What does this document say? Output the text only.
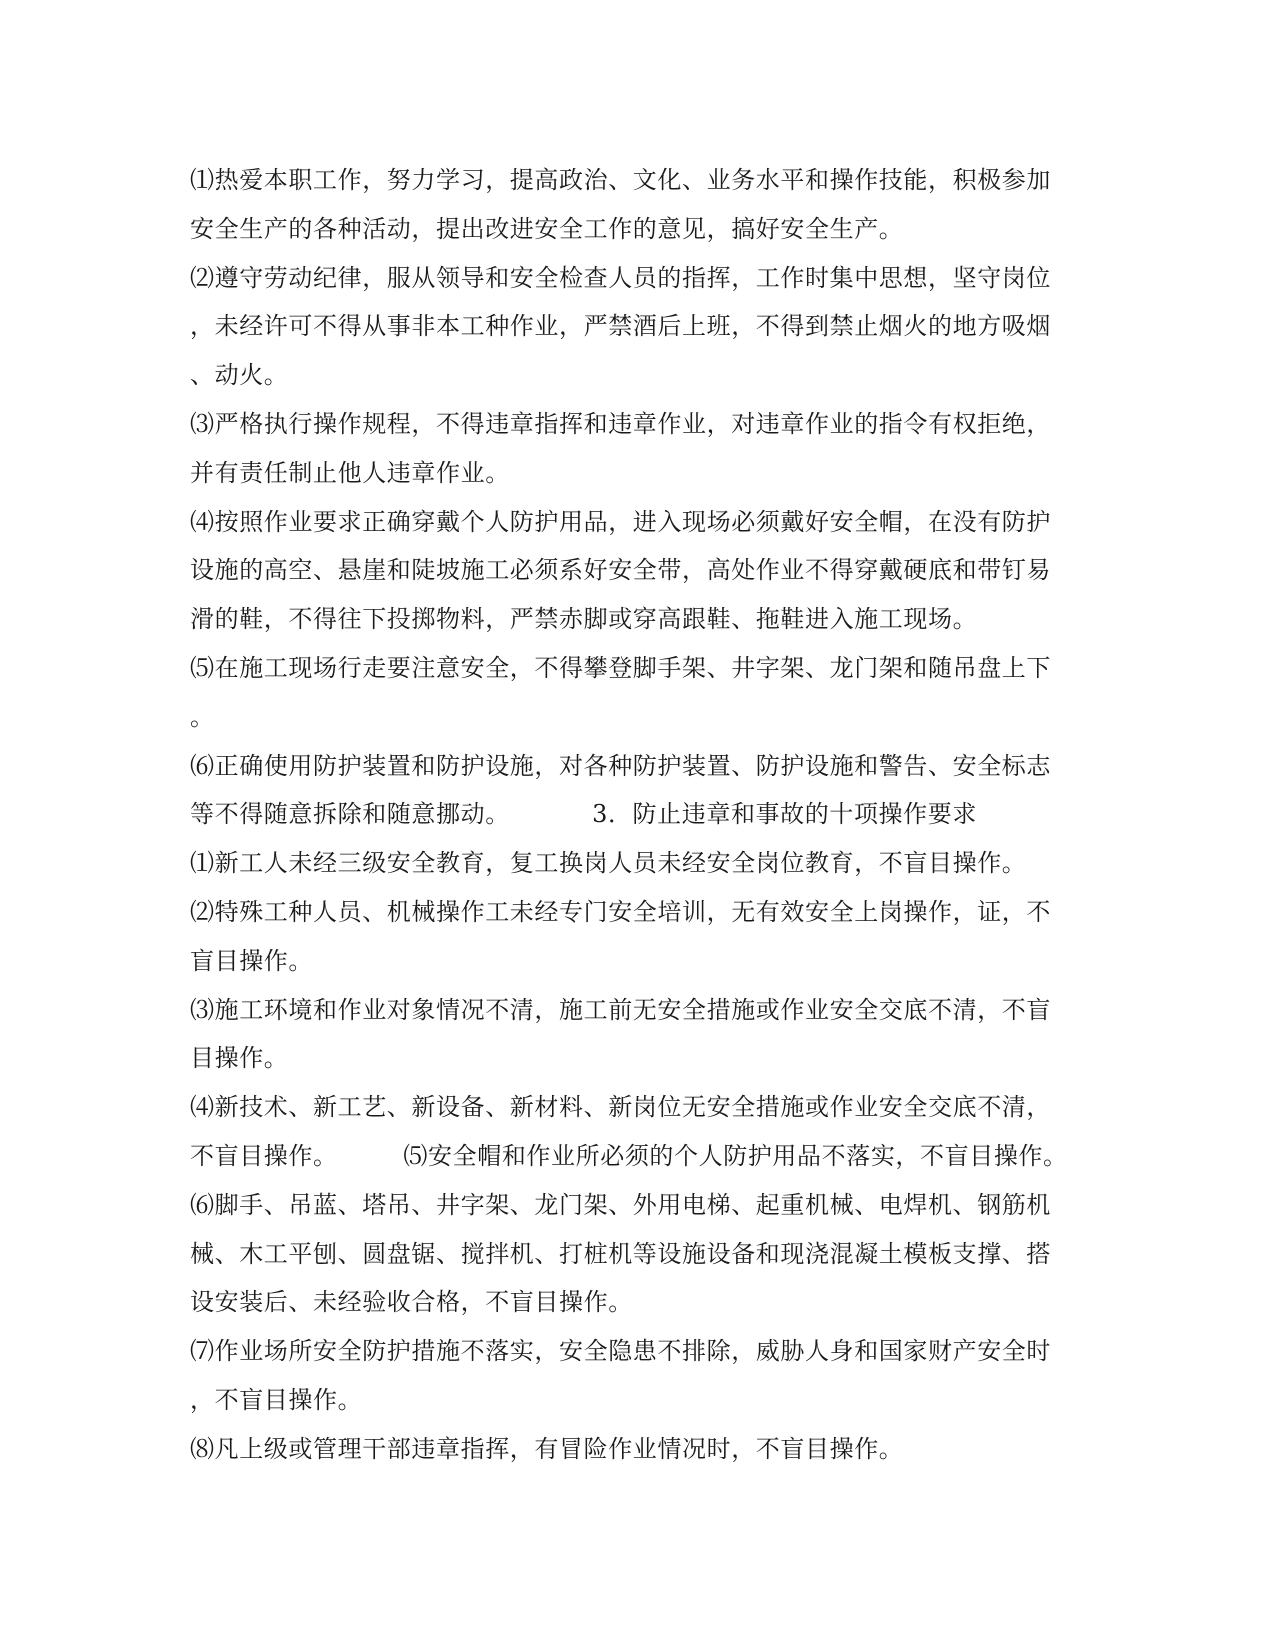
⑴热爱本职工作，努力学习，提高政治、文化、业务水平和操作技能，积极参加
安全生产的各种活动，提出改进安全工作的意见，搞好安全生产。
⑵遵守劳动纪律，服从领导和安全检查人员的指挥，工作时集中思想，坚守岗位
，未经许可不得从事非本工种作业，严禁酒后上班，不得到禁止烟火的地方吸烟
、动火。
⑶严格执行操作规程，不得违章指挥和违章作业，对违章作业的指令有权拒绝，
并有责任制止他人违章作业。
⑷按照作业要求正确穿戴个人防护用品，进入现场必须戴好安全帽，在没有防护
设施的高空、悬崖和陡坡施工必须系好安全带，高处作业不得穿戴硬底和带钉易
滑的鞋，不得往下投掷物料，严禁赤脚或穿高跟鞋、拖鞋进入施工现场。
⑸在施工现场行走要注意安全，不得攀登脚手架、井字架、龙门架和随吊盘上下
。
⑹正确使用防护装置和防护设施，对各种防护装置、防护设施和警告、安全标志
等不得随意拆除和随意挪动。          3．防止违章和事故的十项操作要求
⑴新工人未经三级安全教育，复工换岗人员未经安全岗位教育，不盲目操作。
⑵特殊工种人员、机械操作工未经专门安全培训，无有效安全上岗操作，证，不
盲目操作。
⑶施工环境和作业对象情况不清，施工前无安全措施或作业安全交底不清，不盲
目操作。
⑷新技术、新工艺、新设备、新材料、新岗位无安全措施或作业安全交底不清，
不盲目操作。        ⑸安全帽和作业所必须的个人防护用品不落实，不盲目操作。
⑹脚手、吊蓝、塔吊、井字架、龙门架、外用电梯、起重机械、电焊机、钢筋机
械、木工平刨、圆盘锯、搅拌机、打桩机等设施设备和现浇混凝土模板支撑、搭
设安装后、未经验收合格，不盲目操作。
⑺作业场所安全防护措施不落实，安全隐患不排除，威胁人身和国家财产安全时
，不盲目操作。
⑻凡上级或管理干部违章指挥，有冒险作业情况时，不盲目操作。
